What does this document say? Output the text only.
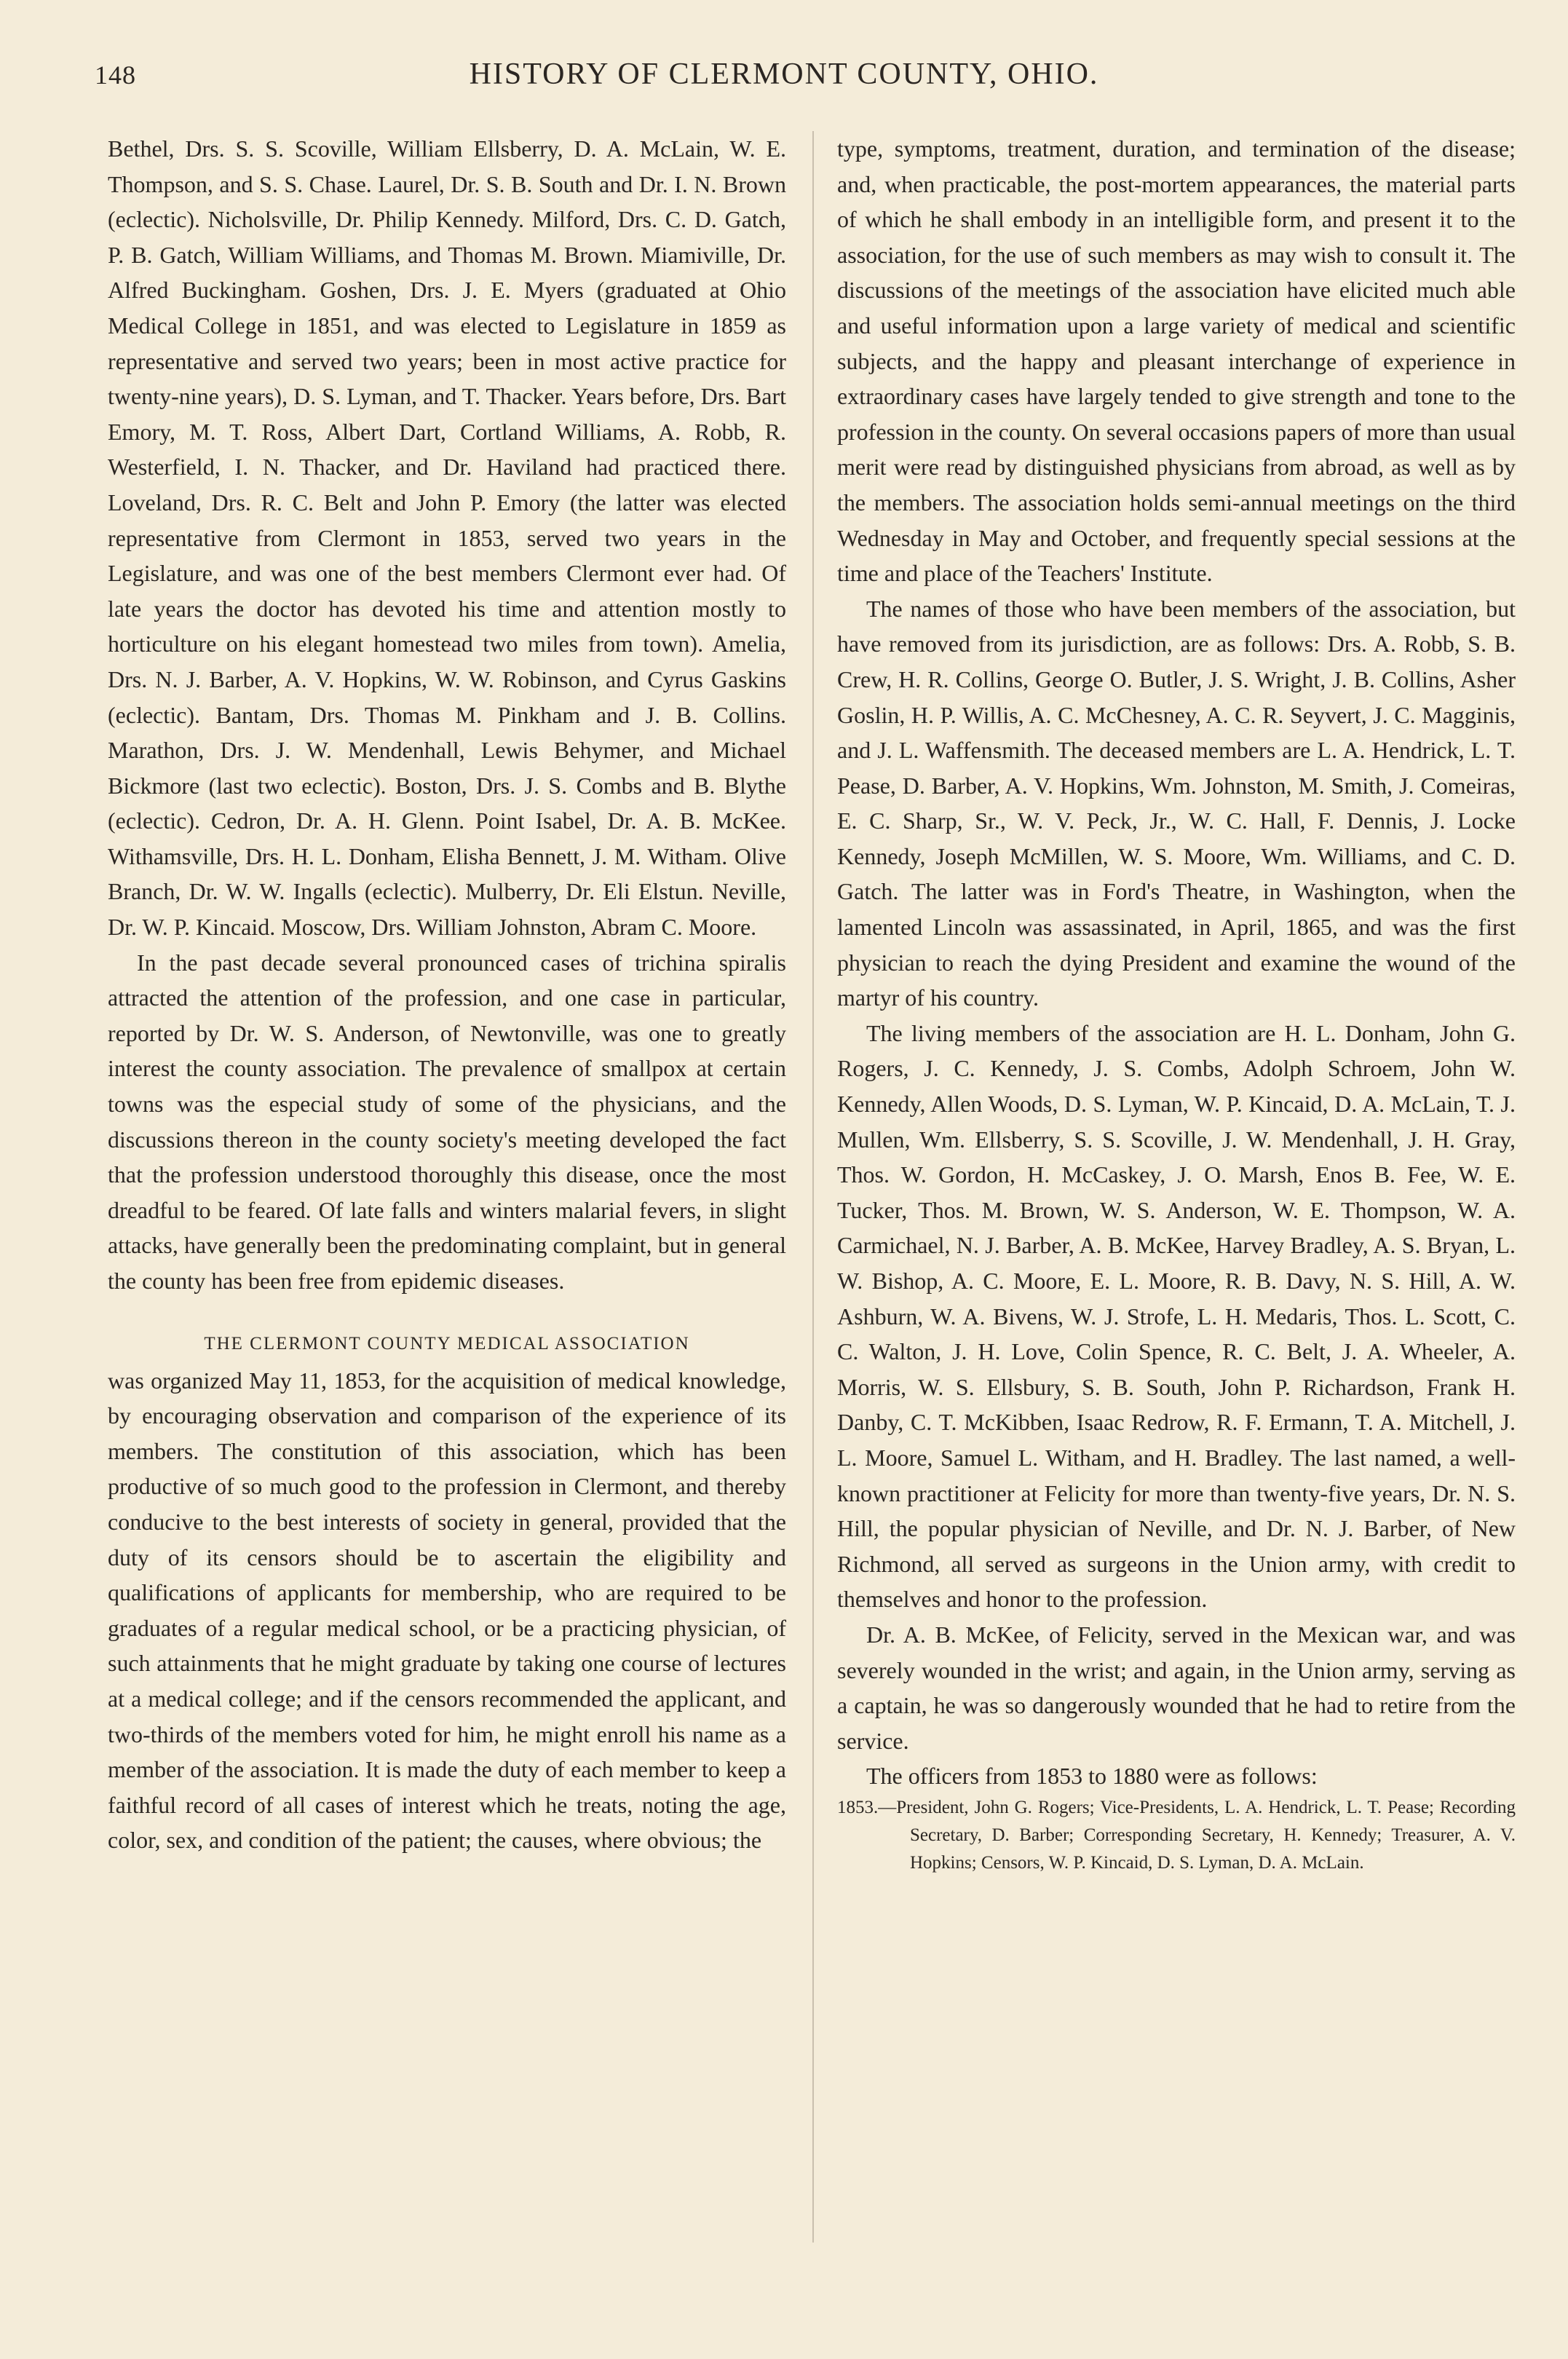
148	HISTORY OF CLERMONT COUNTY, OHIO.

Bethel, Drs. S. S. Scoville, William Ellsberry, D. A. McLain, W. E. Thompson, and S. S. Chase. Laurel, Dr. S. B. South and Dr. I. N. Brown (eclectic). Nicholsville, Dr. Philip Kennedy. Milford, Drs. C. D. Gatch, P. B. Gatch, William Williams, and Thomas M. Brown. Miamiville, Dr. Alfred Buckingham. Goshen, Drs. J. E. Myers (graduated at Ohio Medical College in 1851, and was elected to Legislature in 1859 as representative and served two years; been in most active practice for twenty-nine years), D. S. Lyman, and T. Thacker. Years before, Drs. Bart Emory, M. T. Ross, Albert Dart, Cortland Williams, A. Robb, R. Westerfield, I. N. Thacker, and Dr. Haviland had practiced there. Loveland, Drs. R. C. Belt and John P. Emory (the latter was elected representative from Clermont in 1853, served two years in the Legislature, and was one of the best members Clermont ever had. Of late years the doctor has devoted his time and attention mostly to horticulture on his elegant homestead two miles from town). Amelia, Drs. N. J. Barber, A. V. Hopkins, W. W. Robinson, and Cyrus Gaskins (eclectic). Bantam, Drs. Thomas M. Pinkham and J. B. Collins. Marathon, Drs. J. W. Mendenhall, Lewis Behymer, and Michael Bickmore (last two eclectic). Boston, Drs. J. S. Combs and B. Blythe (eclectic). Cedron, Dr. A. H. Glenn. Point Isabel, Dr. A. B. McKee. Withamsville, Drs. H. L. Donham, Elisha Bennett, J. M. Witham. Olive Branch, Dr. W. W. Ingalls (eclectic). Mulberry, Dr. Eli Elstun. Neville, Dr. W. P. Kincaid. Moscow, Drs. William Johnston, Abram C. Moore.

In the past decade several pronounced cases of trichina spiralis attracted the attention of the profession, and one case in particular, reported by Dr. W. S. Anderson, of Newtonville, was one to greatly interest the county association. The prevalence of smallpox at certain towns was the especial study of some of the physicians, and the discussions thereon in the county society's meeting developed the fact that the profession understood thoroughly this disease, once the most dreadful to be feared. Of late falls and winters malarial fevers, in slight attacks, have generally been the predominating complaint, but in general the county has been free from epidemic diseases.

THE CLERMONT COUNTY MEDICAL ASSOCIATION

was organized May 11, 1853, for the acquisition of medical knowledge, by encouraging observation and comparison of the experience of its members. The constitution of this association, which has been productive of so much good to the profession in Clermont, and thereby conducive to the best interests of society in general, provided that the duty of its censors should be to ascertain the eligibility and qualifications of applicants for membership, who are required to be graduates of a regular medical school, or be a practicing physician, of such attainments that he might graduate by taking one course of lectures at a medical college; and if the censors recommended the applicant, and two-thirds of the members voted for him, he might enroll his name as a member of the association. It is made the duty of each member to keep a faithful record of all cases of interest which he treats, noting the age, color, sex, and condition of the patient; the causes, where obvious; the

type, symptoms, treatment, duration, and termination of the disease; and, when practicable, the post-mortem appearances, the material parts of which he shall embody in an intelligible form, and present it to the association, for the use of such members as may wish to consult it. The discussions of the meetings of the association have elicited much able and useful information upon a large variety of medical and scientific subjects, and the happy and pleasant interchange of experience in extraordinary cases have largely tended to give strength and tone to the profession in the county. On several occasions papers of more than usual merit were read by distinguished physicians from abroad, as well as by the members. The association holds semi-annual meetings on the third Wednesday in May and October, and frequently special sessions at the time and place of the Teachers' Institute.

The names of those who have been members of the association, but have removed from its jurisdiction, are as follows: Drs. A. Robb, S. B. Crew, H. R. Collins, George O. Butler, J. S. Wright, J. B. Collins, Asher Goslin, H. P. Willis, A. C. McChesney, A. C. R. Seyvert, J. C. Magginis, and J. L. Waffensmith. The deceased members are L. A. Hendrick, L. T. Pease, D. Barber, A. V. Hopkins, Wm. Johnston, M. Smith, J. Comeiras, E. C. Sharp, Sr., W. V. Peck, Jr., W. C. Hall, F. Dennis, J. Locke Kennedy, Joseph McMillen, W. S. Moore, Wm. Williams, and C. D. Gatch. The latter was in Ford's Theatre, in Washington, when the lamented Lincoln was assassinated, in April, 1865, and was the first physician to reach the dying President and examine the wound of the martyr of his country.

The living members of the association are H. L. Donham, John G. Rogers, J. C. Kennedy, J. S. Combs, Adolph Schroem, John W. Kennedy, Allen Woods, D. S. Lyman, W. P. Kincaid, D. A. McLain, T. J. Mullen, Wm. Ellsberry, S. S. Scoville, J. W. Mendenhall, J. H. Gray, Thos. W. Gordon, H. McCaskey, J. O. Marsh, Enos B. Fee, W. E. Tucker, Thos. M. Brown, W. S. Anderson, W. E. Thompson, W. A. Carmichael, N. J. Barber, A. B. McKee, Harvey Bradley, A. S. Bryan, L. W. Bishop, A. C. Moore, E. L. Moore, R. B. Davy, N. S. Hill, A. W. Ashburn, W. A. Bivens, W. J. Strofe, L. H. Medaris, Thos. L. Scott, C. C. Walton, J. H. Love, Colin Spence, R. C. Belt, J. A. Wheeler, A. Morris, W. S. Ellsbury, S. B. South, John P. Richardson, Frank H. Danby, C. T. McKibben, Isaac Redrow, R. F. Ermann, T. A. Mitchell, J. L. Moore, Samuel L. Witham, and H. Bradley. The last named, a well-known practitioner at Felicity for more than twenty-five years, Dr. N. S. Hill, the popular physician of Neville, and Dr. N. J. Barber, of New Richmond, all served as surgeons in the Union army, with credit to themselves and honor to the profession.

Dr. A. B. McKee, of Felicity, served in the Mexican war, and was severely wounded in the wrist; and again, in the Union army, serving as a captain, he was so dangerously wounded that he had to retire from the service.

The officers from 1853 to 1880 were as follows:

1853.—President, John G. Rogers; Vice-Presidents, L. A. Hendrick, L. T. Pease; Recording Secretary, D. Barber; Corresponding Secretary, H. Kennedy; Treasurer, A. V. Hopkins; Censors, W. P. Kincaid, D. S. Lyman, D. A. McLain.
